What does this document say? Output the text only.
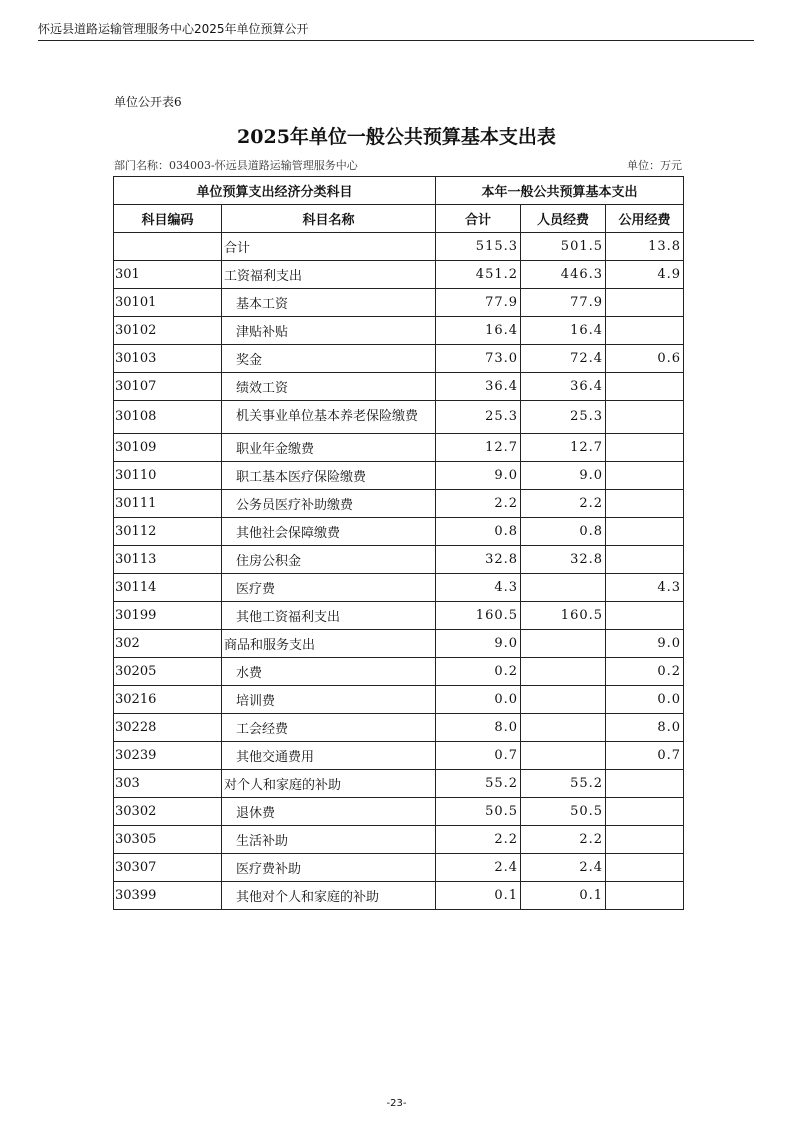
怀远县道路运输管理服务中心2025年单位预算公开
单位公开表6
2025年单位一般公共预算基本支出表
部门名称：034003-怀远县道路运输管理服务中心	单位：万元
单位预算支出经济分类科目		本年一般公共预算基本支出		
科目编码	科目名称	合计	人员经费	公用经费
	合计	515.3	501.5	13.8
301	工资福利支出	451.2	446.3	4.9
30101	基本工资	77.9	77.9	
30102	津贴补贴	16.4	16.4	
30103	奖金	73.0	72.4	0.6
30107	绩效工资	36.4	36.4	
30108	机关事业单位基本养老保险缴费	25.3	25.3	
30109	职业年金缴费	12.7	12.7	
30110	职工基本医疗保险缴费	9.0	9.0	
30111	公务员医疗补助缴费	2.2	2.2	
30112	其他社会保障缴费	0.8	0.8	
30113	住房公积金	32.8	32.8	
30114	医疗费	4.3		4.3
30199	其他工资福利支出	160.5	160.5	
302	商品和服务支出	9.0		9.0
30205	水费	0.2		0.2
30216	培训费	0.0		0.0
30228	工会经费	8.0		8.0
30239	其他交通费用	0.7		0.7
303	对个人和家庭的补助	55.2	55.2	
30302	退休费	50.5	50.5	
30305	生活补助	2.2	2.2	
30307	医疗费补助	2.4	2.4	
30399	其他对个人和家庭的补助	0.1	0.1	
-23-
